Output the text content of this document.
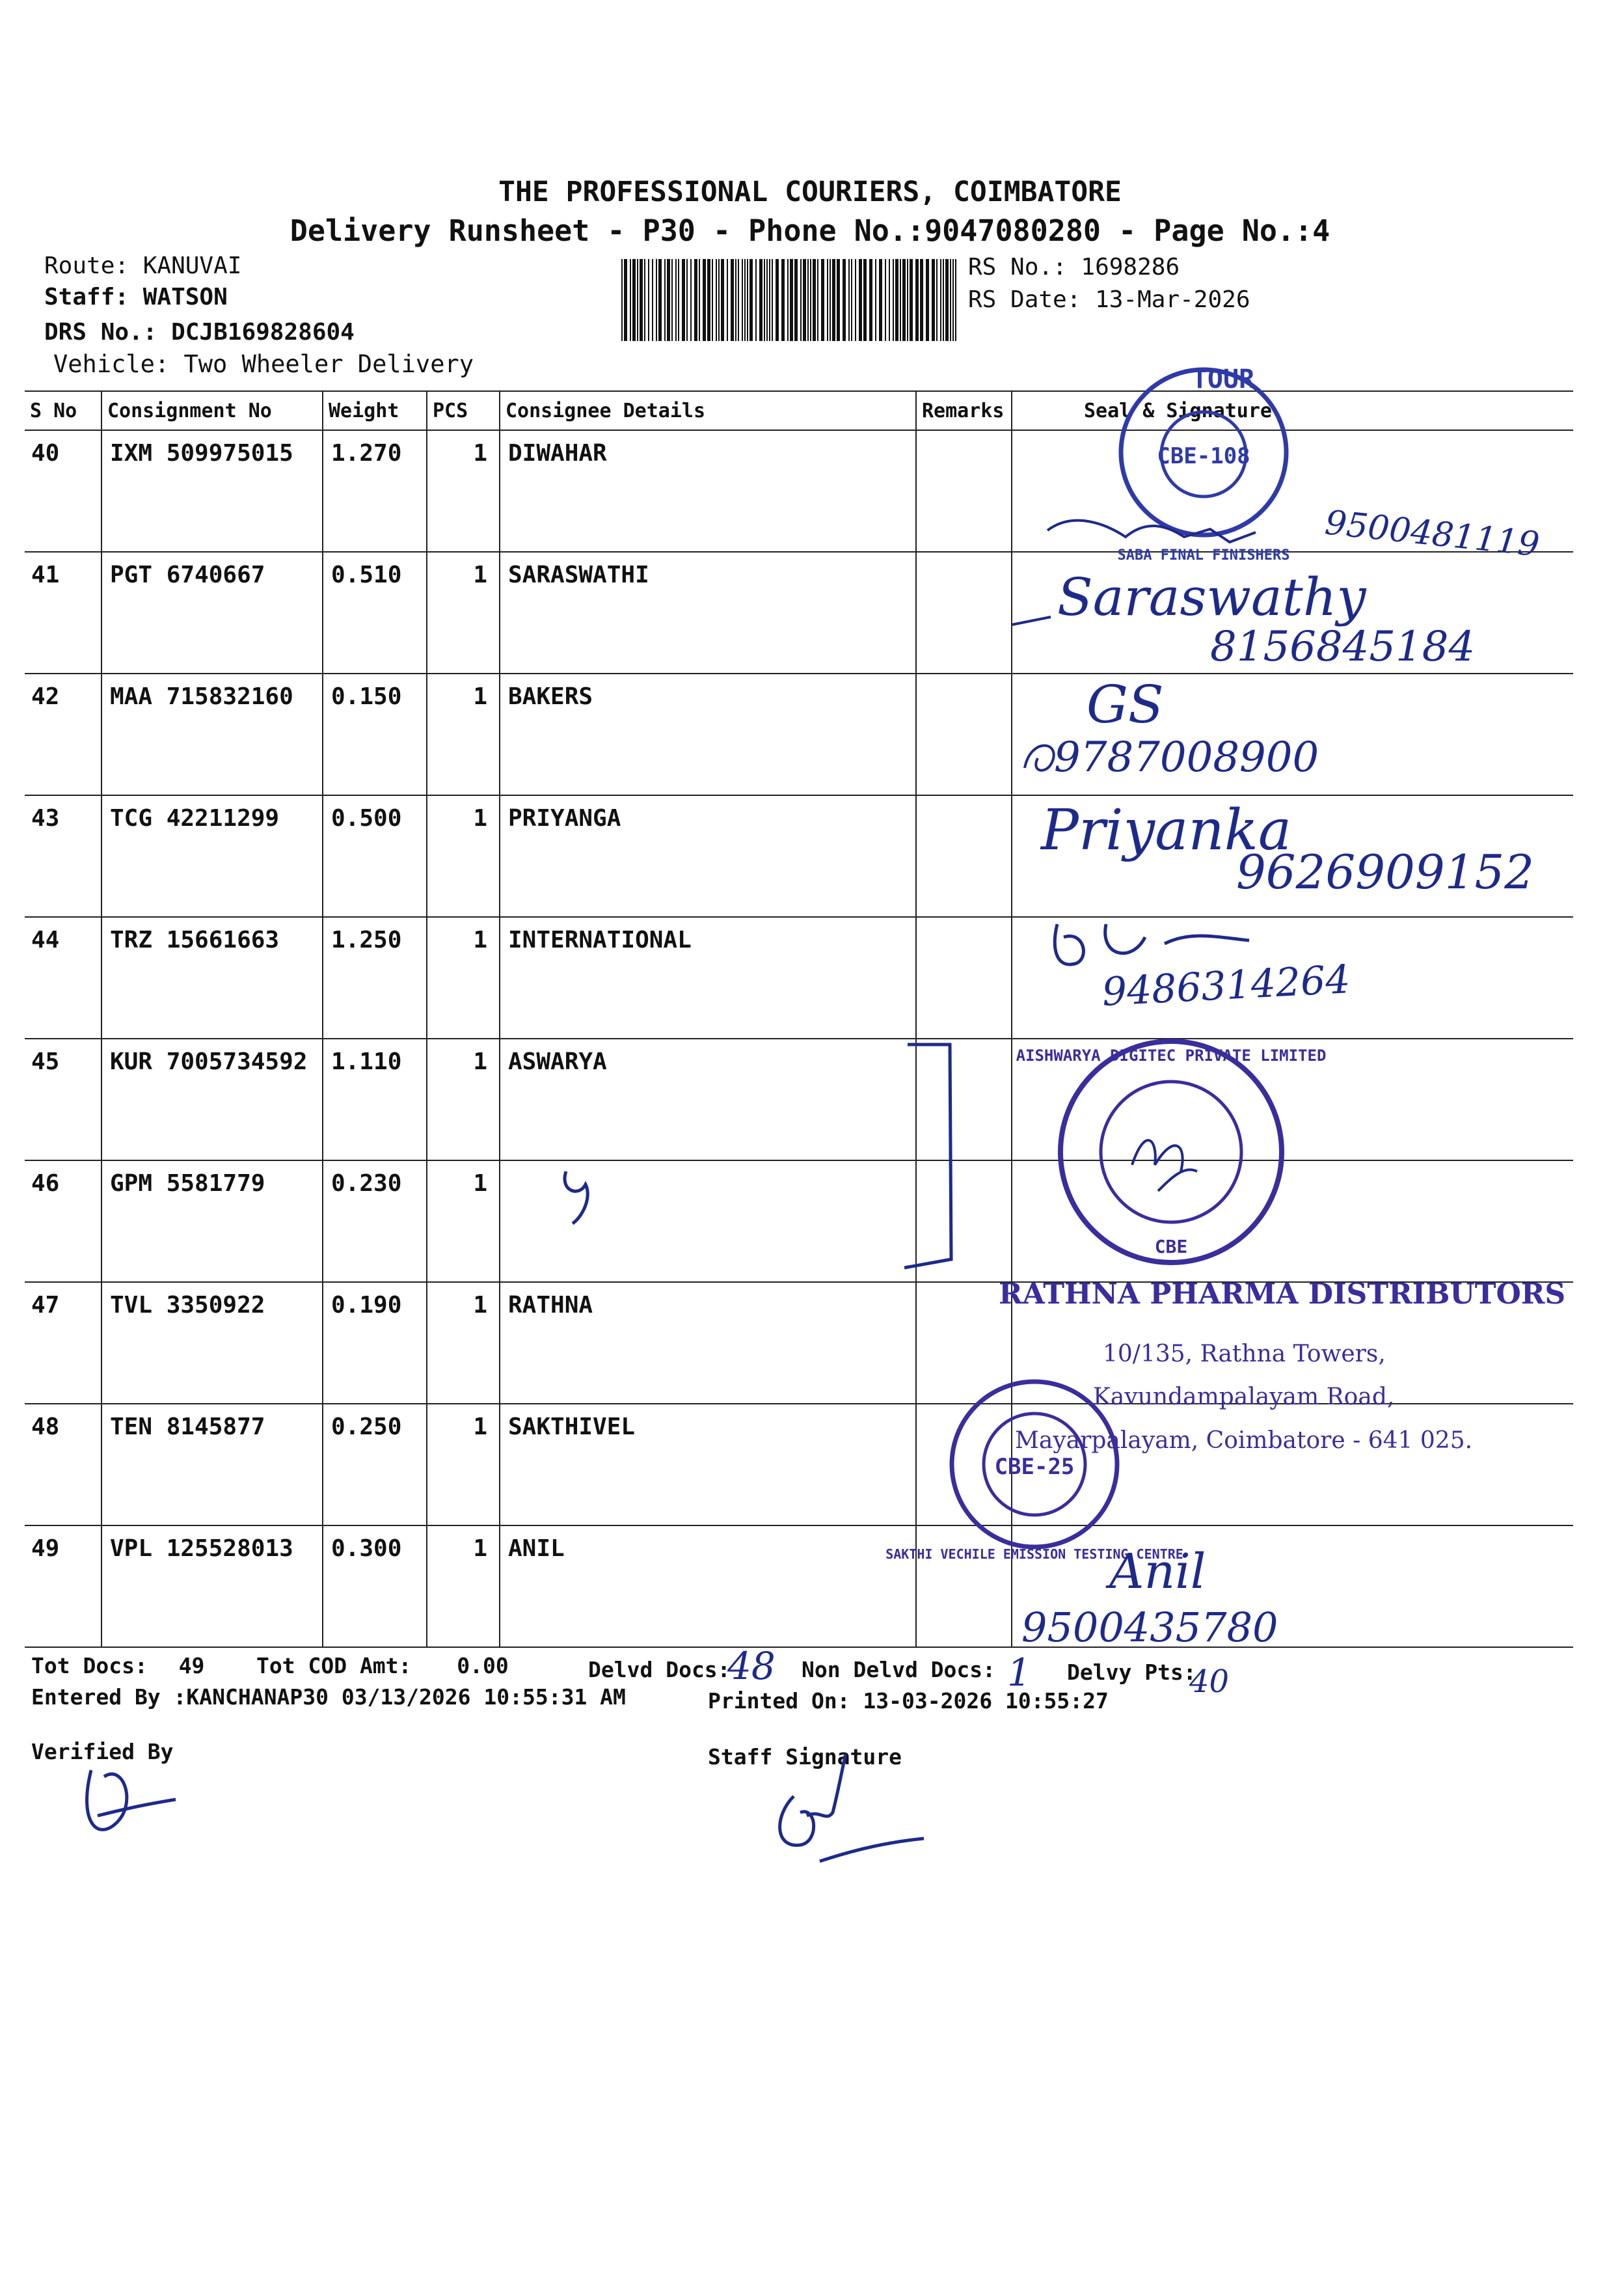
THE PROFESSIONAL COURIERS, COIMBATORE
Delivery Runsheet - P30 - Phone No.:9047080280 - Page No.:4
Route: KANUVAI
Staff: WATSON
DRS No.: DCJB169828604
Vehicle: Two Wheeler Delivery
RS No.: 1698286
RS Date: 13-Mar-2026
S No	Consignment No	Weight	PCS	Consignee Details	Remarks	Seal & Signature
40	IXM 509975015	1.270	1	DIWAHAR		
41	PGT 6740667	0.510	1	SARASWATHI		
42	MAA 715832160	0.150	1	BAKERS		
43	TCG 42211299	0.500	1	PRIYANGA		
44	TRZ 15661663	1.250	1	INTERNATIONAL		
45	KUR 7005734592	1.110	1	ASWARYA		
46	GPM 5581779	0.230	1			
47	TVL 3350922	0.190	1	RATHNA		
48	TEN 8145877	0.250	1	SAKTHIVEL		
49	VPL 125528013	0.300	1	ANIL		
Tot Docs: 49 Tot COD Amt: 0.00	Delvd Docs:	Non Delvd Docs:	Delvy Pts:
Entered By :KANCHANAP30 03/13/2026 10:55:31 AM	Printed On: 13-03-2026 10:55:27
Verified By	Staff Signature
CBE-108
TOUR
SABA FINAL FINISHERS 9500481119
Saraswathy
8156845184
GS
9787008900
Priyanka
9626909152
9486314264
AISHWARYA DIGITEC PRIVATE LIMITED
CBE
RATHNA PHARMA DISTRIBUTORS
10/135, Rathna Towers,
Kavundampalayam Road,
Mayarpalayam, Coimbatore - 641 025.
CBE-25
SAKTHI VECHILE EMISSION TESTING CENTRE
Anil
9500435780
48	1	40
